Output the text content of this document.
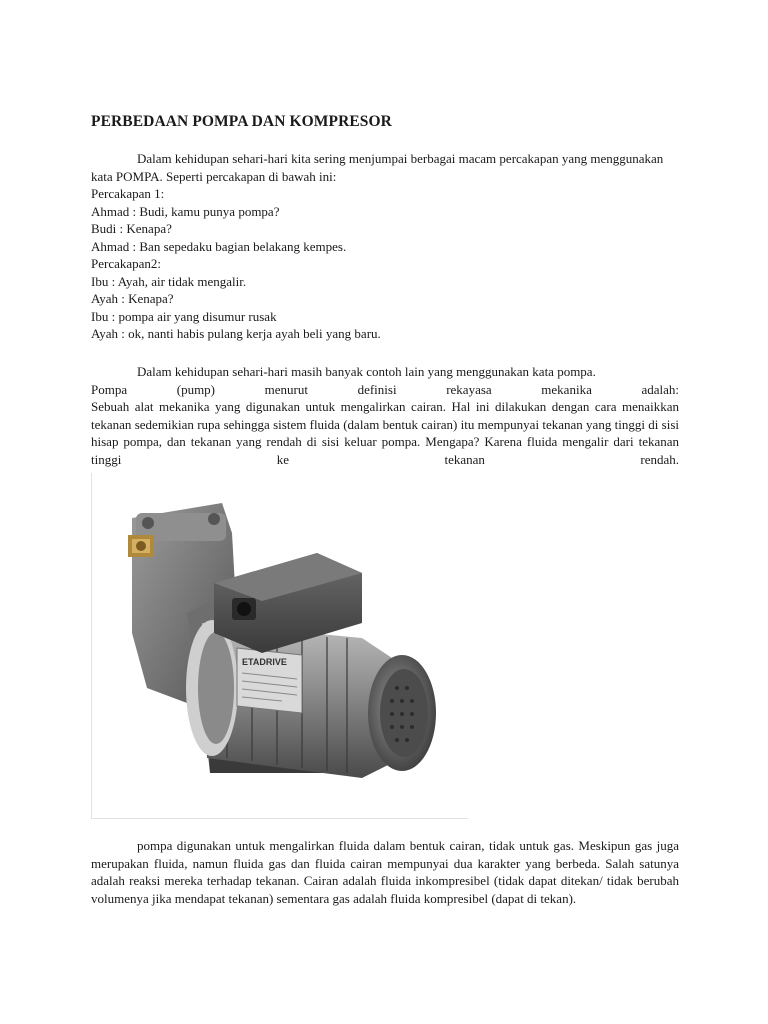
PERBEDAAN POMPA DAN KOMPRESOR

Dalam kehidupan sehari-hari kita sering menjumpai berbagai macam percakapan yang menggunakan kata POMPA. Seperti percakapan di bawah ini:

Percakapan 1:

Ahmad : Budi, kamu punya pompa?

Budi : Kenapa?

Ahmad : Ban sepedaku bagian belakang kempes.

Percakapan2:

Ibu : Ayah, air tidak mengalir.

Ayah : Kenapa?

Ibu : pompa air yang disumur rusak

Ayah : ok, nanti habis pulang kerja ayah beli yang baru.

Dalam kehidupan sehari-hari masih banyak contoh lain yang menggunakan kata pompa.

Pompa (pump) menurut definisi rekayasa mekanika adalah:

Sebuah alat mekanika yang digunakan untuk mengalirkan cairan. Hal ini dilakukan dengan cara menaikkan tekanan sedemikian rupa sehingga sistem fluida (dalam bentuk cairan) itu mempunyai tekanan yang tinggi di sisi hisap pompa, dan tekanan yang rendah di sisi keluar pompa. Mengapa? Karena fluida mengalir dari tekanan tinggi ke tekanan rendah.

ETADRIVE

pompa digunakan untuk mengalirkan fluida dalam bentuk cairan, tidak untuk gas. Meskipun gas juga merupakan fluida, namun fluida gas dan fluida cairan mempunyai dua karakter yang berbeda. Salah satunya adalah reaksi mereka terhadap tekanan. Cairan adalah fluida inkompresibel (tidak dapat ditekan/ tidak berubah volumenya jika mendapat tekanan) sementara gas adalah fluida kompresibel (dapat di tekan).
